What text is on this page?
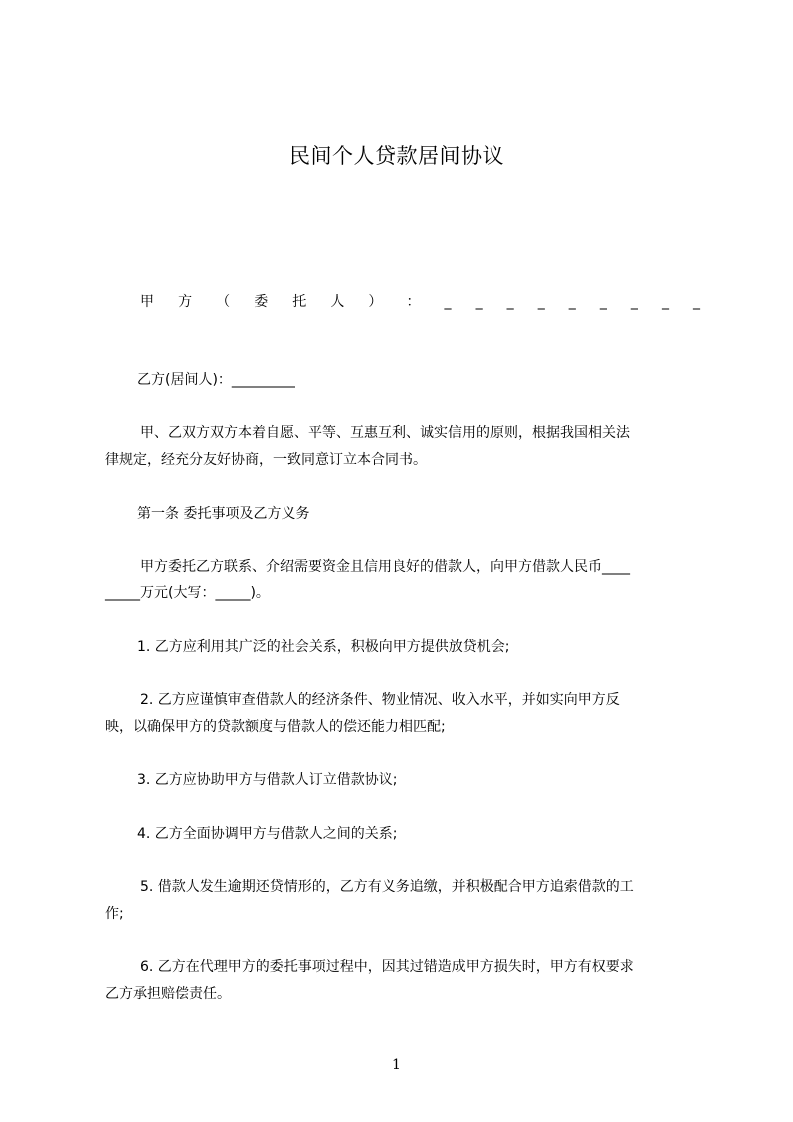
民间个人贷款居间协议
甲 方 （ 委 托 人 ） ： _ _ _ _ _ _ _ _ _
乙方(居间人)：_________
甲、乙双方双方本着自愿、平等、互惠互利、诚实信用的原则，根据我国相关法
律规定，经充分友好协商，一致同意订立本合同书。
第一条 委托事项及乙方义务
甲方委托乙方联系、介绍需要资金且信用良好的借款人，向甲方借款人民币____
_____万元(大写：_____)。
1. 乙方应利用其广泛的社会关系，积极向甲方提供放贷机会;
2. 乙方应谨慎审查借款人的经济条件、物业情况、收入水平，并如实向甲方反
映，以确保甲方的贷款额度与借款人的偿还能力相匹配;
3. 乙方应协助甲方与借款人订立借款协议;
4. 乙方全面协调甲方与借款人之间的关系;
5. 借款人发生逾期还贷情形的，乙方有义务追缴，并积极配合甲方追索借款的工
作;
6. 乙方在代理甲方的委托事项过程中，因其过错造成甲方损失时，甲方有权要求
乙方承担赔偿责任。
1
